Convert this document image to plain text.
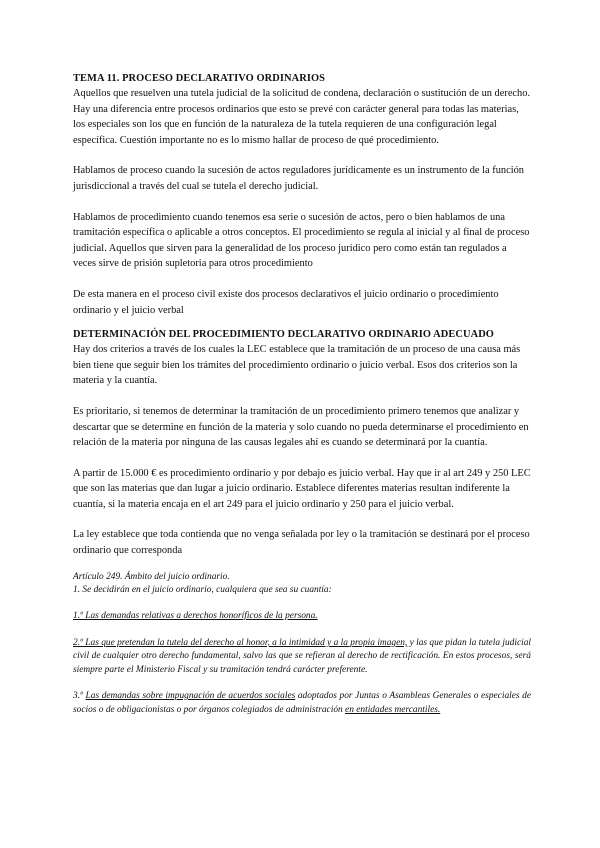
TEMA 11. PROCESO DECLARATIVO ORDINARIOS

Aquellos que resuelven una tutela judicial de la solicitud de condena, declaración o sustitución de un derecho.

Hay una diferencia entre procesos ordinarios que esto se prevé con carácter general para todas las materias, los especiales son los que en función de la naturaleza de la tutela requieren de una configuración legal específica. Cuestión importante no es lo mismo hallar de proceso de qué procedimiento.

Hablamos de proceso cuando la sucesión de actos reguladores jurídicamente es un instrumento de la función jurisdiccional a través del cual se tutela el derecho judicial.

Hablamos de procedimiento cuando tenemos esa serie o sucesión de actos, pero o bien hablamos de una tramitación específica o aplicable a otros conceptos. El procedimiento se regula al inicial y al final de proceso judicial. Aquellos que sirven para la generalidad de los proceso jurídico pero como están tan regulados a veces sirve de prisión supletoria para otros procedimiento

De esta manera en el proceso civil existe dos procesos declarativos el juicio ordinario o procedimiento ordinario y el juicio verbal

DETERMINACIÓN DEL PROCEDIMIENTO DECLARATIVO ORDINARIO ADECUADO

Hay dos criterios a través de los cuales la LEC establece que la tramitación de un proceso de una causa más bien tiene que seguir bien los trámites del procedimiento ordinario o juicio verbal. Esos dos criterios son la materia y la cuantía.

Es prioritario, si tenemos de determinar la tramitación de un procedimiento primero tenemos que analizar y descartar que se determine en función de la materia y solo cuando no pueda determinarse el procedimiento en relación de la materia por ninguna de las causas legales ahí es cuando se determinará por la cuantía.

A partir de 15.000 € es procedimiento ordinario y por debajo es juicio verbal. Hay que ir al art 249 y 250 LEC que son las materias que dan lugar a juicio ordinario. Establece diferentes materias resultan indiferente la cuantía, si la materia encaja en el art 249 para el juicio ordinario y 250 para el juicio verbal.

La ley establece que toda contienda que no venga señalada por ley o la tramitación se destinará por el proceso ordinario que corresponda

Artículo 249. Ámbito del juicio ordinario.

1. Se decidirán en el juicio ordinario, cualquiera que sea su cuantía:

1.º Las demandas relativas a derechos honoríficos de la persona.

2.º Las que pretendan la tutela del derecho al honor, a la intimidad y a la propia imagen, y las que pidan la tutela judicial civil de cualquier otro derecho fundamental, salvo las que se refieran al derecho de rectificación. En estos procesos, será siempre parte el Ministerio Fiscal y su tramitación tendrá carácter preferente.

3.º Las demandas sobre impugnación de acuerdos sociales adoptados por Juntas o Asambleas Generales o especiales de socios o de obligacionistas o por órganos colegiados de administración en entidades mercantiles.
